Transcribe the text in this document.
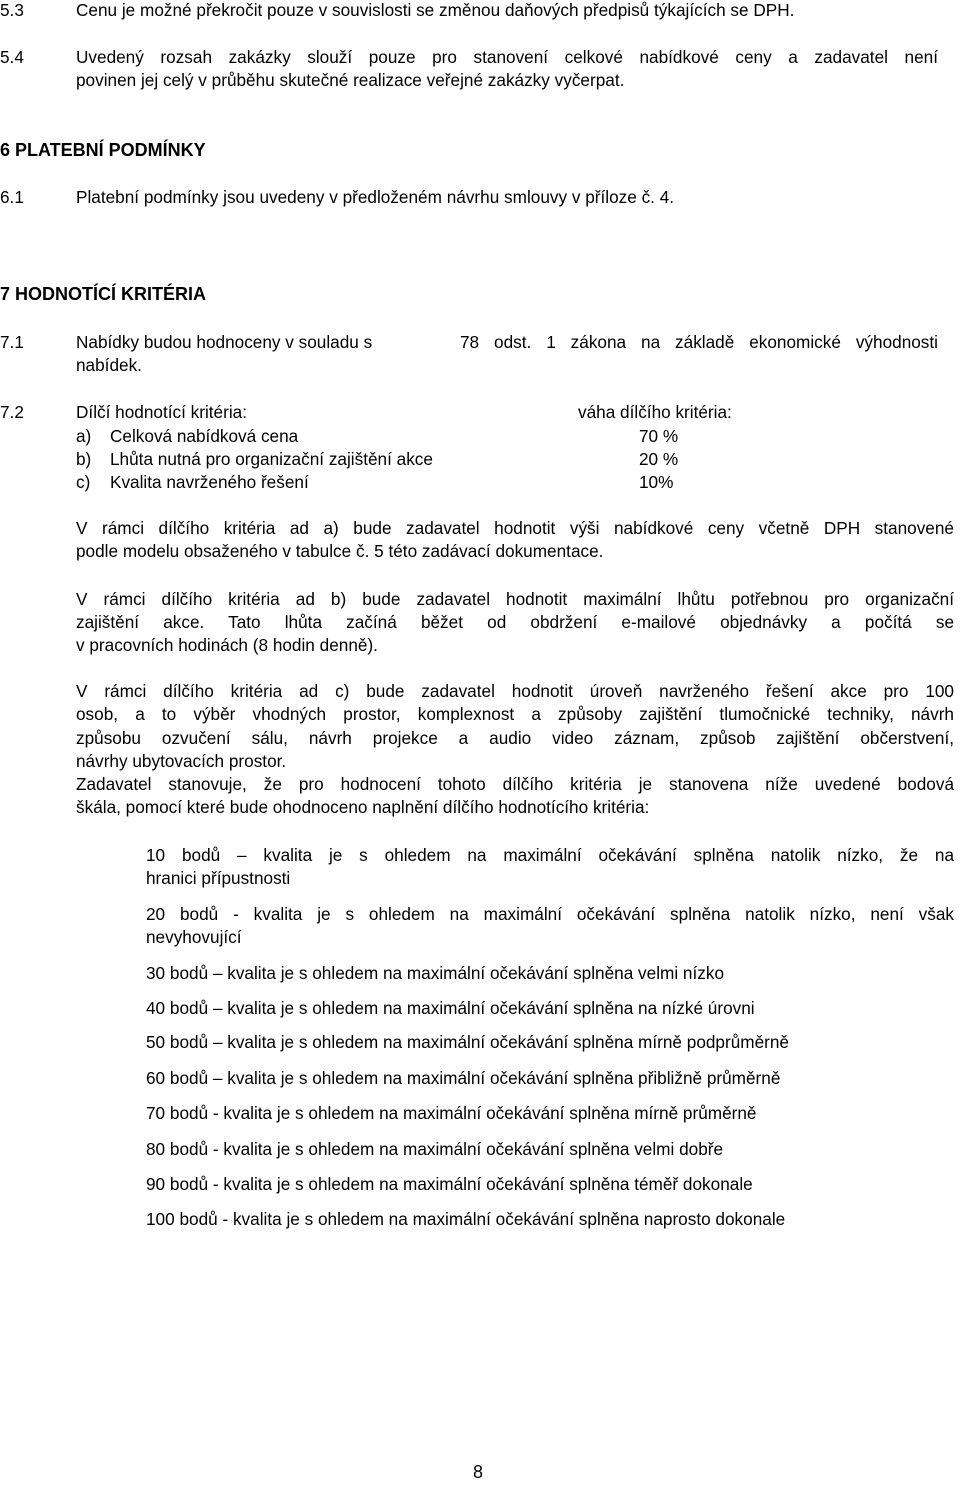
5.3	Cenu je možné překročit pouze v souvislosti se změnou daňových předpisů týkajících se DPH.
5.4	Uvedený rozsah zakázky slouží pouze pro stanovení celkové nabídkové ceny a zadavatel není
povinen jej celý v průběhu skutečné realizace veřejné zakázky vyčerpat.
6 PLATEBNÍ PODMÍNKY
6.1	Platební podmínky jsou uvedeny v předloženém návrhu smlouvy v příloze č. 4.
7 HODNOTÍCÍ KRITÉRIA
7.1	Nabídky budou hodnoceny v souladu s	78 odst. 1 zákona na základě ekonomické výhodnosti
nabídek.
7.2	Dílčí hodnotící kritéria:	váha dílčího kritéria:
a) Celková nabídková cena	70 %
b) Lhůta nutná pro organizační zajištění akce	20 %
c) Kvalita navrženého řešení	10%
V rámci dílčího kritéria ad a) bude zadavatel hodnotit výši nabídkové ceny včetně DPH stanovené
podle modelu obsaženého v tabulce č. 5 této zadávací dokumentace.
V rámci dílčího kritéria ad b) bude zadavatel hodnotit maximální lhůtu potřebnou pro organizační
zajištění akce. Tato lhůta začíná běžet od obdržení e-mailové objednávky a počítá se
v pracovních hodinách (8 hodin denně).
V rámci dílčího kritéria ad c) bude zadavatel hodnotit úroveň navrženého řešení akce pro 100
osob, a to výběr vhodných prostor, komplexnost a způsoby zajištění tlumočnické techniky, návrh
způsobu ozvučení sálu, návrh projekce a audio video záznam, způsob zajištění občerstvení,
návrhy ubytovacích prostor.
Zadavatel stanovuje, že pro hodnocení tohoto dílčího kritéria je stanovena níže uvedené bodová
škála, pomocí které bude ohodnoceno naplnění dílčího hodnotícího kritéria:
10 bodů – kvalita je s ohledem na maximální očekávání splněna natolik nízko, že na
hranici přípustnosti
20 bodů - kvalita je s ohledem na maximální očekávání splněna natolik nízko, není však
nevyhovující
30 bodů – kvalita je s ohledem na maximální očekávání splněna velmi nízko
40 bodů – kvalita je s ohledem na maximální očekávání splněna na nízké úrovni
50 bodů – kvalita je s ohledem na maximální očekávání splněna mírně podprůměrně
60 bodů – kvalita je s ohledem na maximální očekávání splněna přibližně průměrně
70 bodů - kvalita je s ohledem na maximální očekávání splněna mírně průměrně
80 bodů - kvalita je s ohledem na maximální očekávání splněna velmi dobře
90 bodů - kvalita je s ohledem na maximální očekávání splněna téměř dokonale
100 bodů - kvalita je s ohledem na maximální očekávání splněna naprosto dokonale
8
